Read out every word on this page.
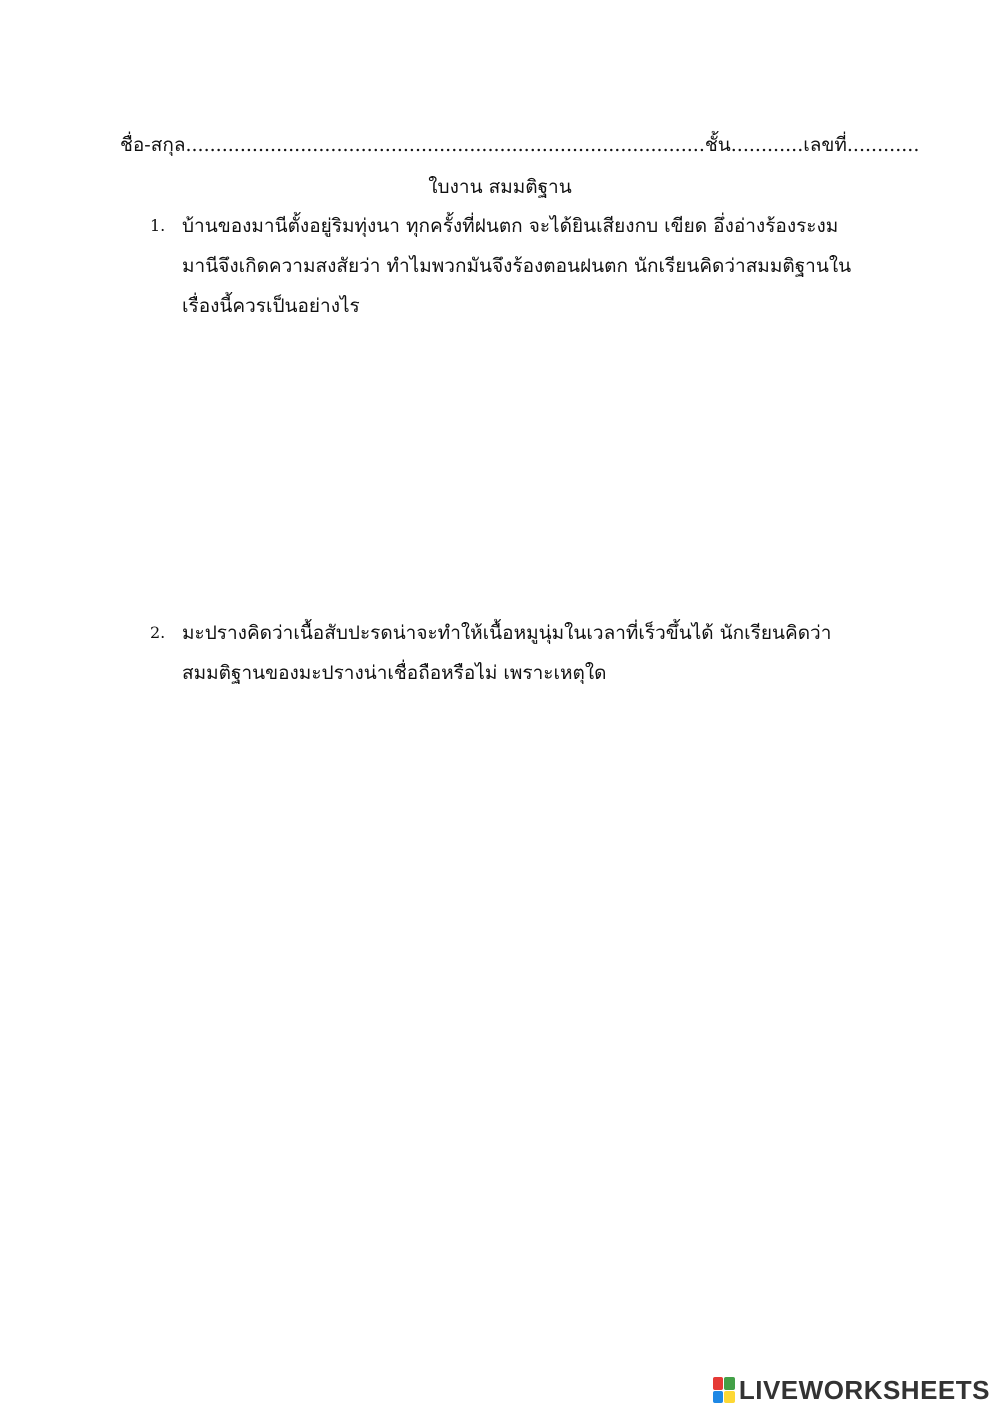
ชื่อ-สกุล......................................................................................ชั้น............เลขที่............
ใบงาน สมมติฐาน
1. บ้านของมานีตั้งอยู่ริมทุ่งนา ทุกครั้งที่ฝนตก จะได้ยินเสียงกบ เขียด อึ่งอ่างร้องระงม
มานีจึงเกิดความสงสัยว่า ทำไมพวกมันจึงร้องตอนฝนตก นักเรียนคิดว่าสมมติฐานใน
เรื่องนี้ควรเป็นอย่างไร
2. มะปรางคิดว่าเนื้อสับปะรดน่าจะทำให้เนื้อหมูนุ่มในเวลาที่เร็วขึ้นได้ นักเรียนคิดว่า
สมมติฐานของมะปรางน่าเชื่อถือหรือไม่ เพราะเหตุใด
LIVEWORKSHEETS
